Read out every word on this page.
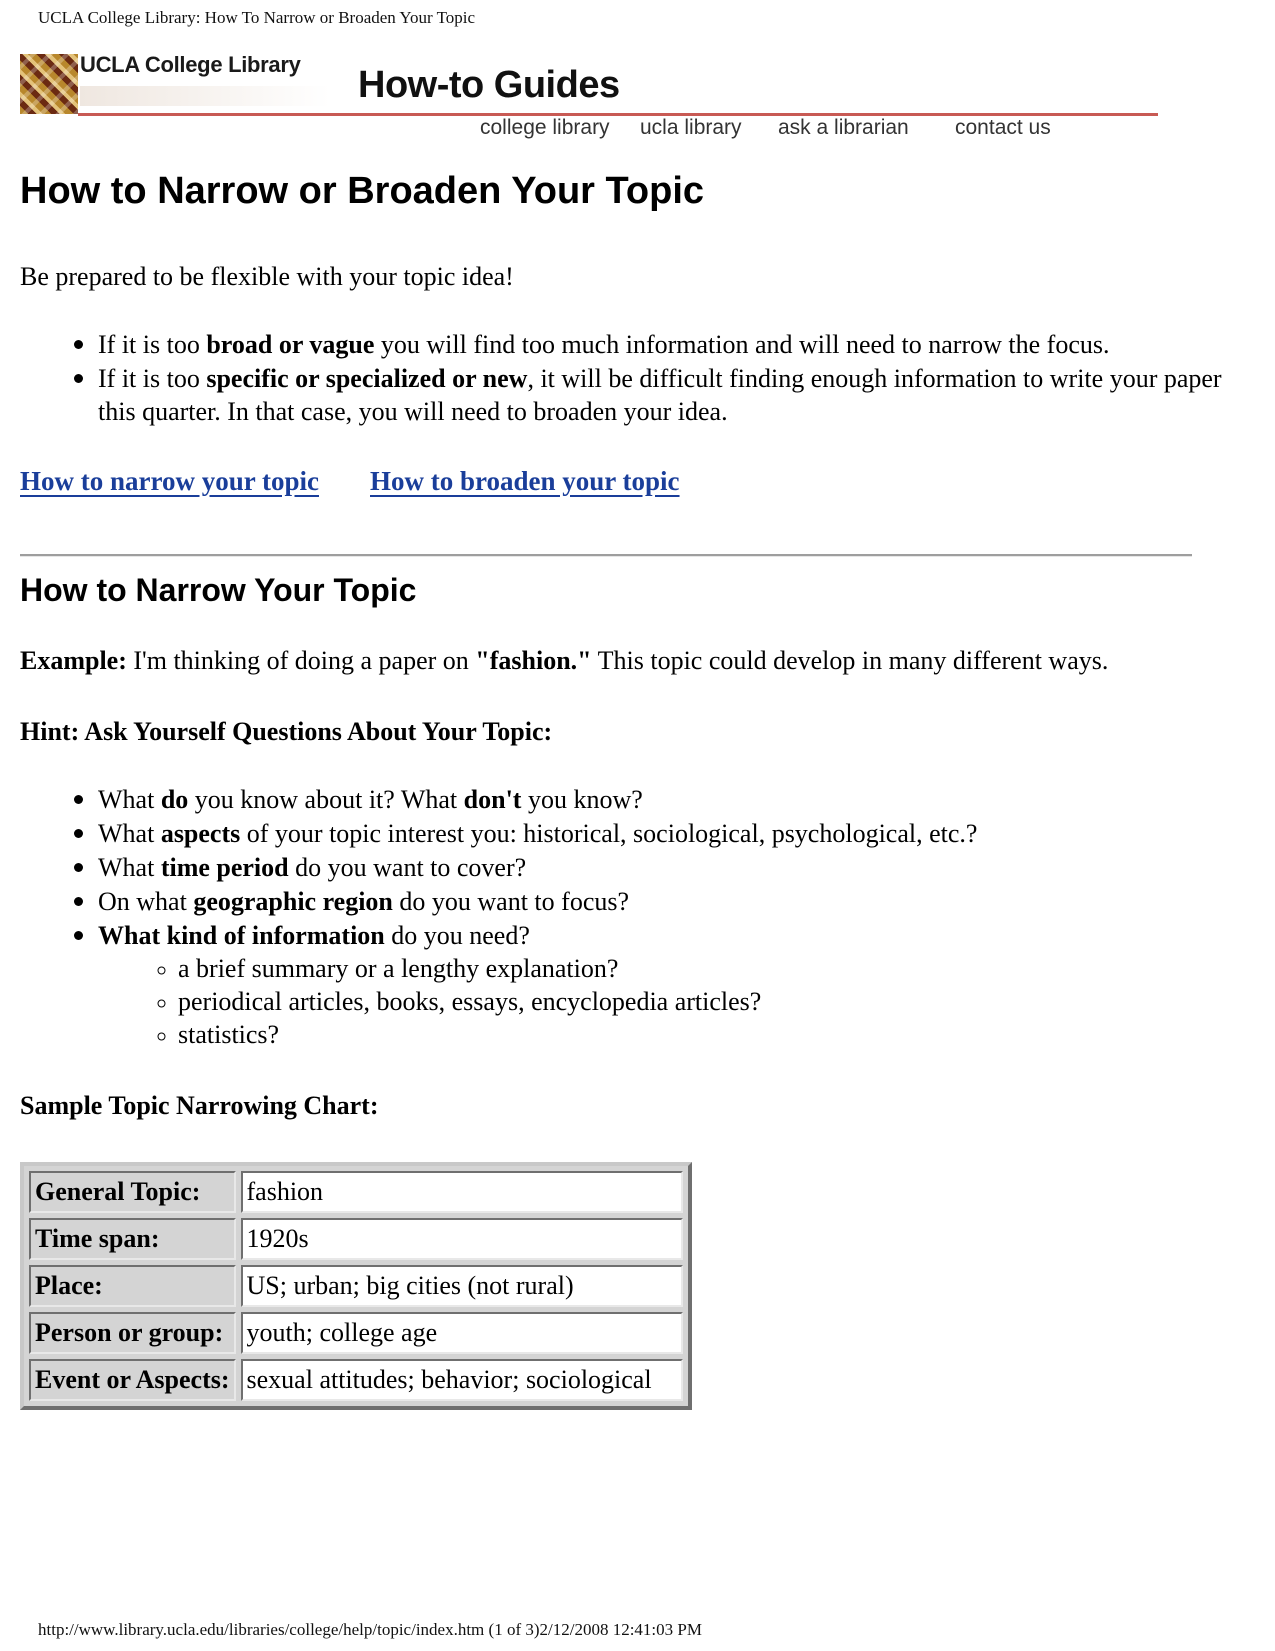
UCLA College Library: How To Narrow or Broaden Your Topic
UCLA College Library How-to Guides
college library ucla library ask a librarian contact us
How to Narrow or Broaden Your Topic

Be prepared to be flexible with your topic idea!

• If it is too broad or vague you will find too much information and will need to narrow the focus.
• If it is too specific or specialized or new, it will be difficult finding enough information to write your paper this quarter. In that case, you will need to broaden your idea.
How to narrow your topic How to broaden your topic
How to Narrow Your Topic

Example: I'm thinking of doing a paper on "fashion." This topic could develop in many different ways.

Hint: Ask Yourself Questions About Your Topic:

• What do you know about it? What don't you know?
• What aspects of your topic interest you: historical, sociological, psychological, etc.?
• What time period do you want to cover?
• On what geographic region do you want to focus?
• What kind of information do you need?
◦ a brief summary or a lengthy explanation?
◦ periodical articles, books, essays, encyclopedia articles?
◦ statistics?

Sample Topic Narrowing Chart:

General Topic:	fashion
Time span:	1920s
Place:	US; urban; big cities (not rural)
Person or group:	youth; college age
Event or Aspects:	sexual attitudes; behavior; sociological
http://www.library.ucla.edu/libraries/college/help/topic/index.htm (1 of 3)2/12/2008 12:41:03 PM
